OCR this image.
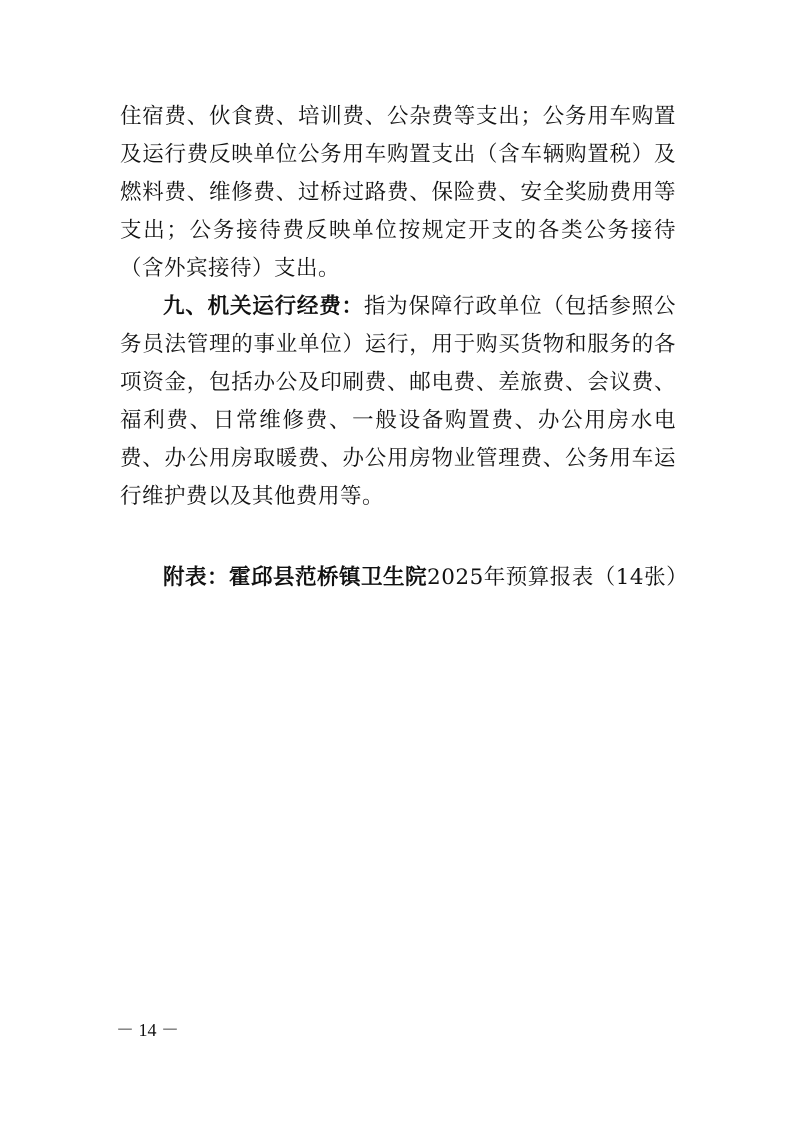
住宿费、伙食费、培训费、公杂费等支出；公务用车购置及运行费反映单位公务用车购置支出（含车辆购置税）及燃料费、维修费、过桥过路费、保险费、安全奖励费用等支出；公务接待费反映单位按规定开支的各类公务接待（含外宾接待）支出。

九、机关运行经费：指为保障行政单位（包括参照公务员法管理的事业单位）运行，用于购买货物和服务的各项资金，包括办公及印刷费、邮电费、差旅费、会议费、福利费、日常维修费、一般设备购置费、办公用房水电费、办公用房取暖费、办公用房物业管理费、公务用车运行维护费以及其他费用等。

附表：霍邱县范桥镇卫生院2025年预算报表（14张）

－ 14 －
